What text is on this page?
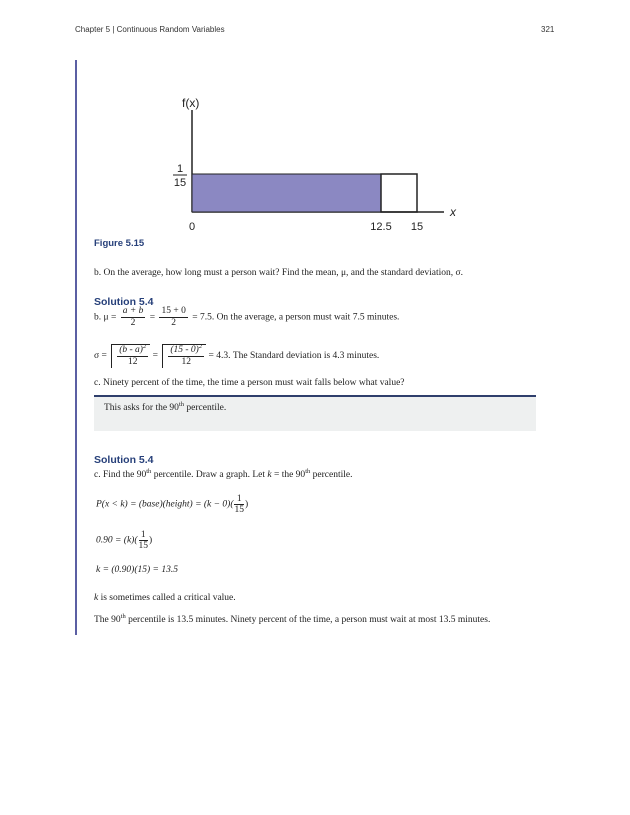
Chapter 5 | Continuous Random Variables	321
f(x)
x
1
15
0	12.5 15
Figure 5.15
b. On the average, how long must a person wait? Find the mean, μ, and the standard deviation, σ.
Solution 5.4
b. $\mu = \frac{a + b}{2} = \frac{15 + 0}{2} = 7.5$. On the average, a person must wait 7.5 minutes.
$\sigma = \frac{(b - a)^2}{12} = \frac{(15 - 0)^2}{12} = 4.3$. The Standard deviation is 4.3 minutes.
c. Ninety percent of the time, the time a person must wait falls below what value?
This asks for the 90th percentile.
Solution 5.4
c. Find the 90th percentile. Draw a graph. Let k = the 90th percentile.
P(x < k) = (base)(height) = $(k - 0)( \frac{1}{15}$ )
$0.90 = (k)( \frac{1}{15}$ )
k = (0.90)(15) = 13.5
k is sometimes called a critical value.
The 90th percentile is 13.5 minutes. Ninety percent of the time, a person must wait at most 13.5 minutes.
